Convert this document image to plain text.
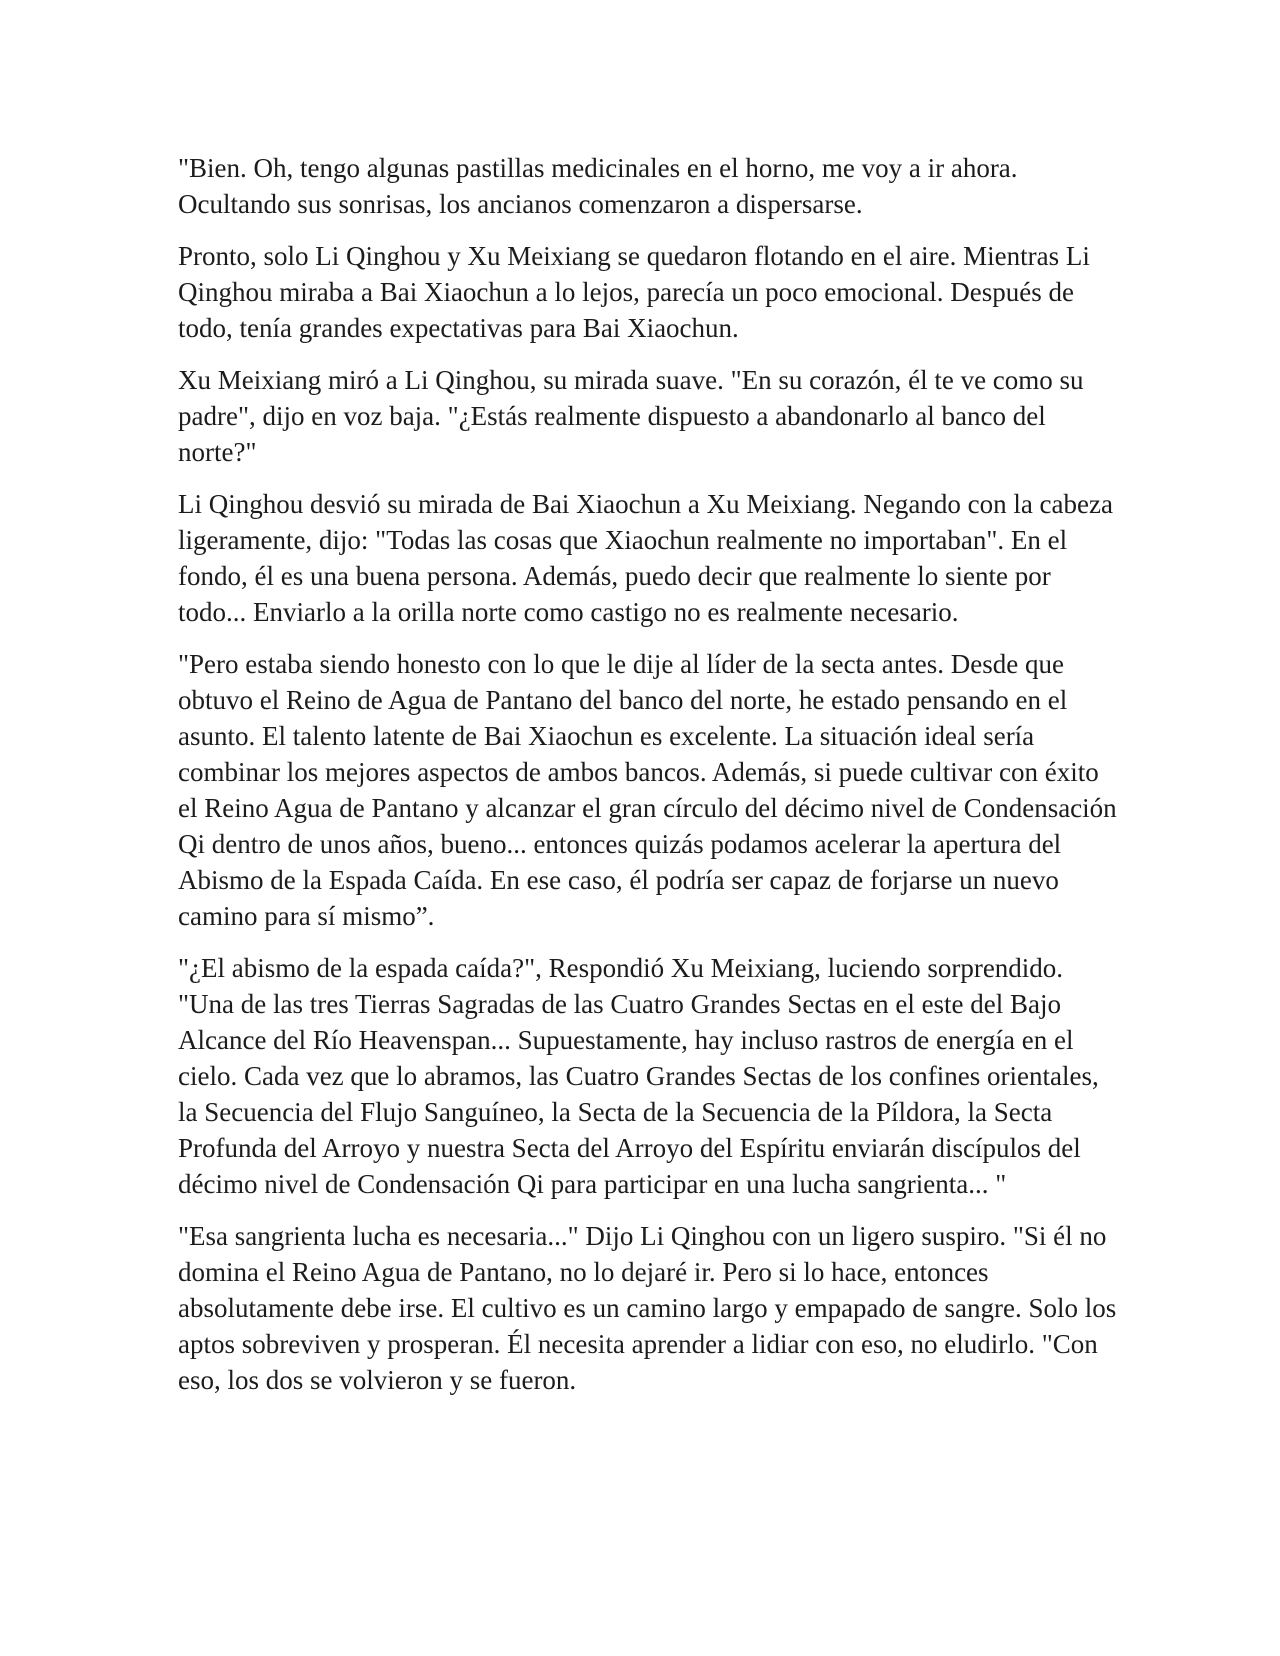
"Bien. Oh, tengo algunas pastillas medicinales en el horno, me voy a ir ahora. Ocultando sus sonrisas, los ancianos comenzaron a dispersarse.

Pronto, solo Li Qinghou y Xu Meixiang se quedaron flotando en el aire. Mientras Li Qinghou miraba a Bai Xiaochun a lo lejos, parecía un poco emocional. Después de todo, tenía grandes expectativas para Bai Xiaochun.

Xu Meixiang miró a Li Qinghou, su mirada suave. "En su corazón, él te ve como su padre", dijo en voz baja. "¿Estás realmente dispuesto a abandonarlo al banco del norte?"

Li Qinghou desvió su mirada de Bai Xiaochun a Xu Meixiang. Negando con la cabeza ligeramente, dijo: "Todas las cosas que Xiaochun realmente no importaban". En el fondo, él es una buena persona. Además, puedo decir que realmente lo siente por todo... Enviarlo a la orilla norte como castigo no es realmente necesario.

"Pero estaba siendo honesto con lo que le dije al líder de la secta antes. Desde que obtuvo el Reino de Agua de Pantano del banco del norte, he estado pensando en el asunto. El talento latente de Bai Xiaochun es excelente. La situación ideal sería combinar los mejores aspectos de ambos bancos. Además, si puede cultivar con éxito el Reino Agua de Pantano y alcanzar el gran círculo del décimo nivel de Condensación Qi dentro de unos años, bueno... entonces quizás podamos acelerar la apertura del Abismo de la Espada Caída. En ese caso, él podría ser capaz de forjarse un nuevo camino para sí mismo”.

"¿El abismo de la espada caída?", Respondió Xu Meixiang, luciendo sorprendido. "Una de las tres Tierras Sagradas de las Cuatro Grandes Sectas en el este del Bajo Alcance del Río Heavenspan... Supuestamente, hay incluso rastros de energía en el cielo. Cada vez que lo abramos, las Cuatro Grandes Sectas de los confines orientales, la Secuencia del Flujo Sanguíneo, la Secta de la Secuencia de la Píldora, la Secta Profunda del Arroyo y nuestra Secta del Arroyo del Espíritu enviarán discípulos del décimo nivel de Condensación Qi para participar en una lucha sangrienta... "

"Esa sangrienta lucha es necesaria..." Dijo Li Qinghou con un ligero suspiro. "Si él no domina el Reino Agua de Pantano, no lo dejaré ir. Pero si lo hace, entonces absolutamente debe irse. El cultivo es un camino largo y empapado de sangre. Solo los aptos sobreviven y prosperan. Él necesita aprender a lidiar con eso, no eludirlo. "Con eso, los dos se volvieron y se fueron.
